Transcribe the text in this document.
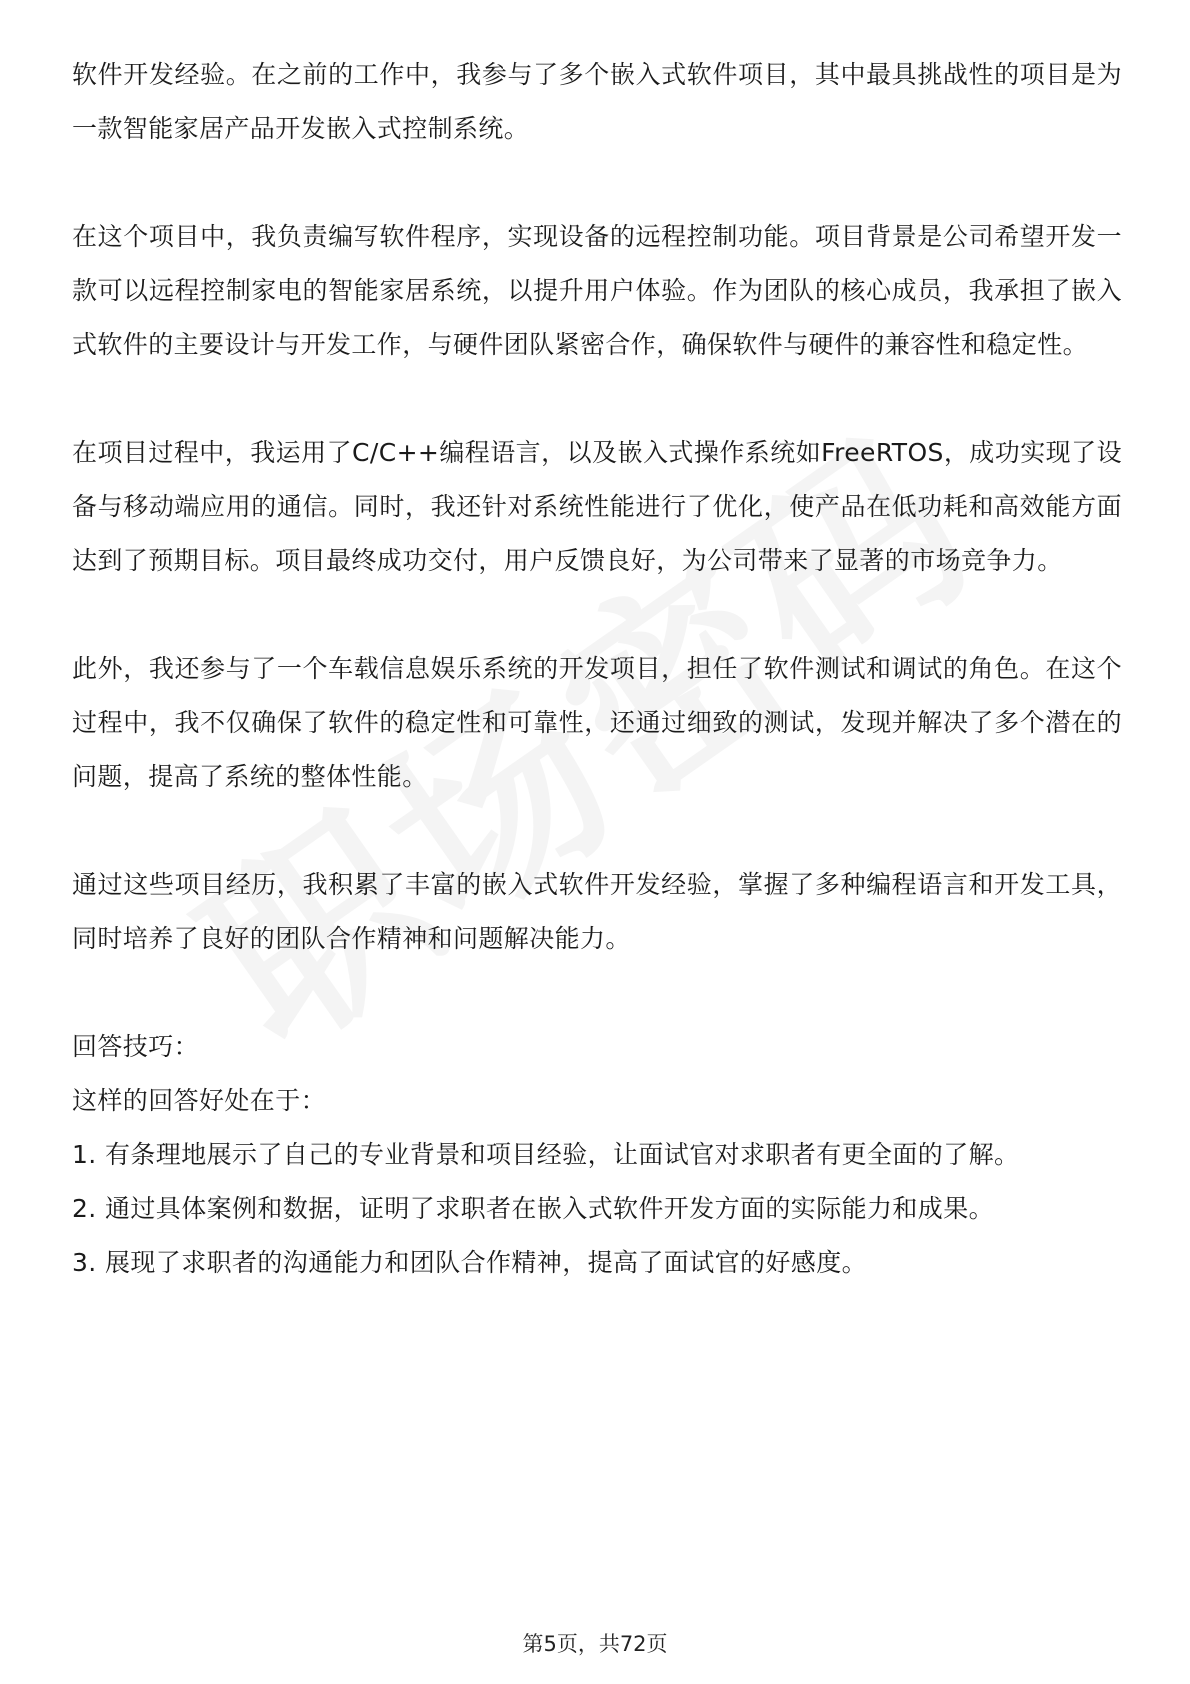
软件开发经验。在之前的工作中，我参与了多个嵌入式软件项目，其中最具挑战性的项目是为一款智能家居产品开发嵌入式控制系统。

在这个项目中，我负责编写软件程序，实现设备的远程控制功能。项目背景是公司希望开发一款可以远程控制家电的智能家居系统，以提升用户体验。作为团队的核心成员，我承担了嵌入式软件的主要设计与开发工作，与硬件团队紧密合作，确保软件与硬件的兼容性和稳定性。

在项目过程中，我运用了C/C++编程语言，以及嵌入式操作系统如FreeRTOS，成功实现了设备与移动端应用的通信。同时，我还针对系统性能进行了优化，使产品在低功耗和高效能方面达到了预期目标。项目最终成功交付，用户反馈良好，为公司带来了显著的市场竞争力。

此外，我还参与了一个车载信息娱乐系统的开发项目，担任了软件测试和调试的角色。在这个过程中，我不仅确保了软件的稳定性和可靠性，还通过细致的测试，发现并解决了多个潜在的问题，提高了系统的整体性能。

通过这些项目经历，我积累了丰富的嵌入式软件开发经验，掌握了多种编程语言和开发工具，同时培养了良好的团队合作精神和问题解决能力。

回答技巧：
这样的回答好处在于：
1. 有条理地展示了自己的专业背景和项目经验，让面试官对求职者有更全面的了解。
2. 通过具体案例和数据，证明了求职者在嵌入式软件开发方面的实际能力和成果。
3. 展现了求职者的沟通能力和团队合作精神，提高了面试官的好感度。
第5页，共72页
